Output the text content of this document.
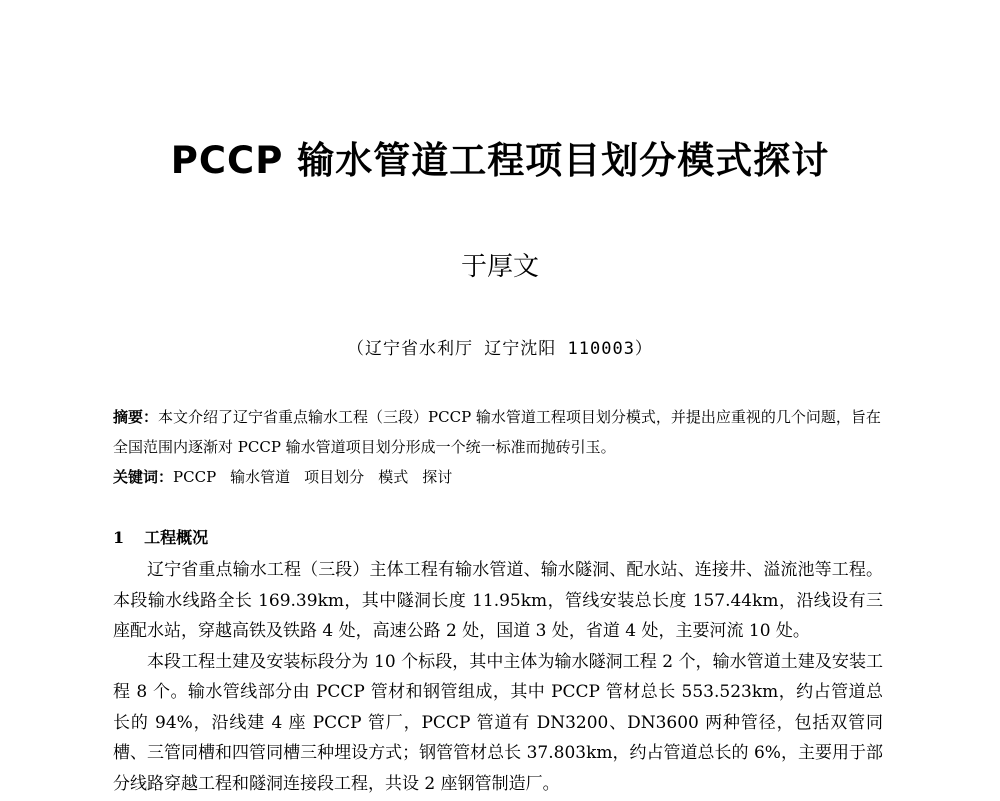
PCCP 输水管道工程项目划分模式探讨
于厚文
（辽宁省水利厅 辽宁沈阳 110003）
摘要：本文介绍了辽宁省重点输水工程（三段）PCCP 输水管道工程项目划分模式，并提出应重视的几个问题，旨在全国范围内逐渐对 PCCP 输水管道项目划分形成一个统一标准而抛砖引玉。
关键词：PCCP 输水管道 项目划分 模式 探讨
1 工程概况

辽宁省重点输水工程（三段）主体工程有输水管道、输水隧洞、配水站、连接井、溢流池等工程。本段输水线路全长 169.39km，其中隧洞长度 11.95km，管线安装总长度 157.44km，沿线设有三座配水站，穿越高铁及铁路 4 处，高速公路 2 处，国道 3 处，省道 4 处，主要河流 10 处。

本段工程土建及安装标段分为 10 个标段，其中主体为输水隧洞工程 2 个，输水管道土建及安装工程 8 个。输水管线部分由 PCCP 管材和钢管组成，其中 PCCP 管材总长 553.523km，约占管道总长的 94%，沿线建 4 座 PCCP 管厂，PCCP 管道有 DN3200、DN3600 两种管径，包括双管同槽、三管同槽和四管同槽三种埋设方式；钢管管材总长 37.803km，约占管道总长的 6%，主要用于部分线路穿越工程和隧洞连接段工程，共设 2 座钢管制造厂。
